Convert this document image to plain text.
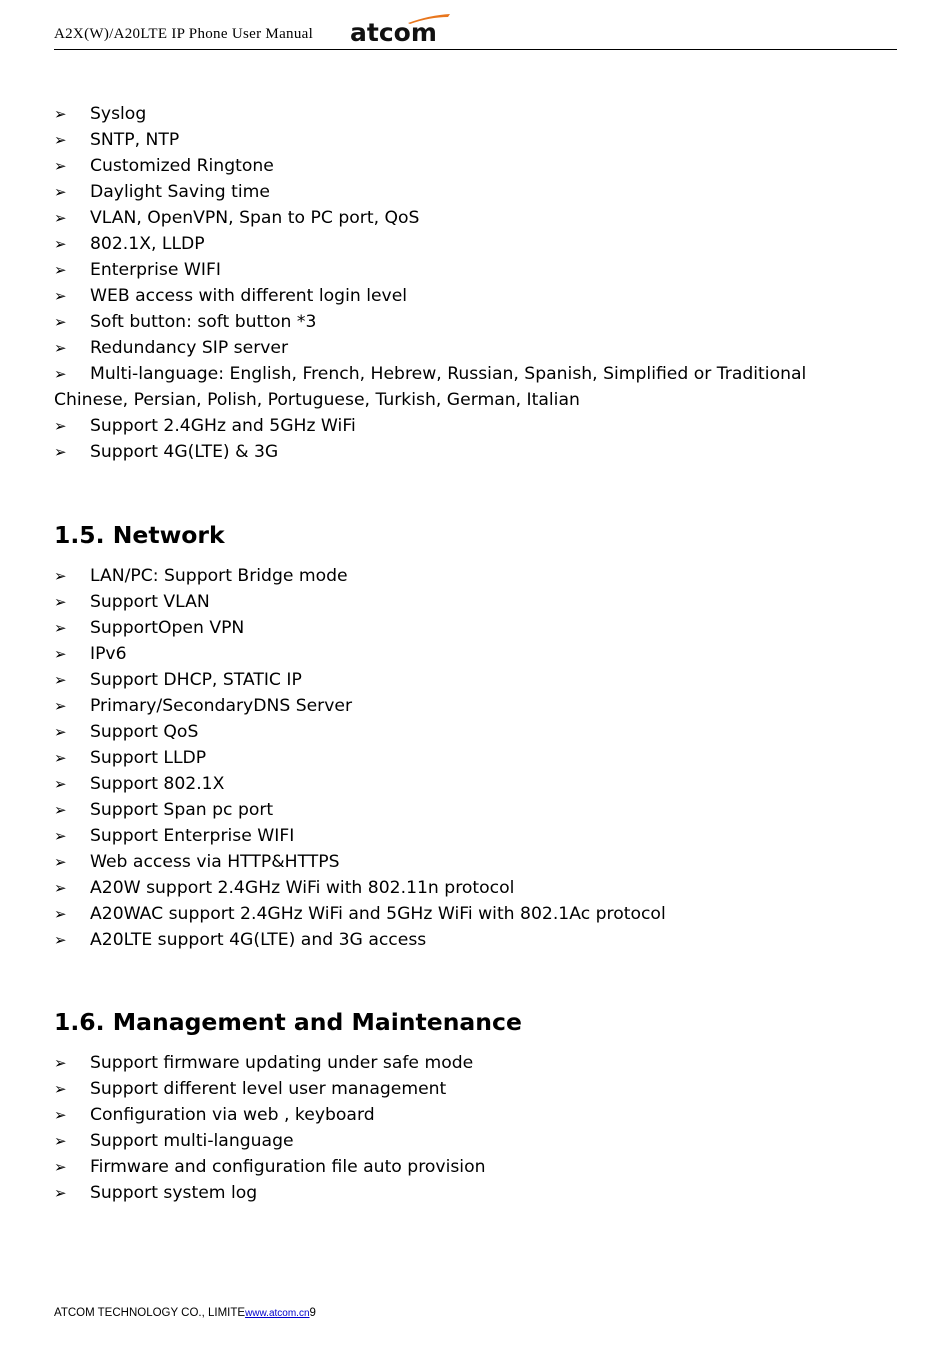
A2X(W)/A20LTE IP Phone User Manual atcom
➢ Syslog
➢ SNTP, NTP
➢ Customized Ringtone
➢ Daylight Saving time
➢ VLAN, OpenVPN, Span to PC port, QoS
➢ 802.1X, LLDP
➢ Enterprise WIFI
➢ WEB access with different login level
➢ Soft button: soft button *3
➢ Redundancy SIP server
➢ Multi-language: English, French, Hebrew, Russian, Spanish, Simplified or Traditional Chinese, Persian, Polish, Portuguese, Turkish, German, Italian
➢ Support 2.4GHz and 5GHz WiFi
➢ Support 4G(LTE) & 3G
1.5. Network
➢ LAN/PC: Support Bridge mode
➢ Support VLAN
➢ SupportOpen VPN
➢ IPv6
➢ Support DHCP, STATIC IP
➢ Primary/SecondaryDNS Server
➢ Support QoS
➢ Support LLDP
➢ Support 802.1X
➢ Support Span pc port
➢ Support Enterprise WIFI
➢ Web access via HTTP&HTTPS
➢ A20W support 2.4GHz WiFi with 802.11n protocol
➢ A20WAC support 2.4GHz WiFi and 5GHz WiFi with 802.1Ac protocol
➢ A20LTE support 4G(LTE) and 3G access
1.6. Management and Maintenance
➢ Support firmware updating under safe mode
➢ Support different level user management
➢ Configuration via web , keyboard
➢ Support multi-language
➢ Firmware and configuration file auto provision
➢ Support system log
ATCOM TECHNOLOGY CO., LIMITEwww.atcom.cn9
